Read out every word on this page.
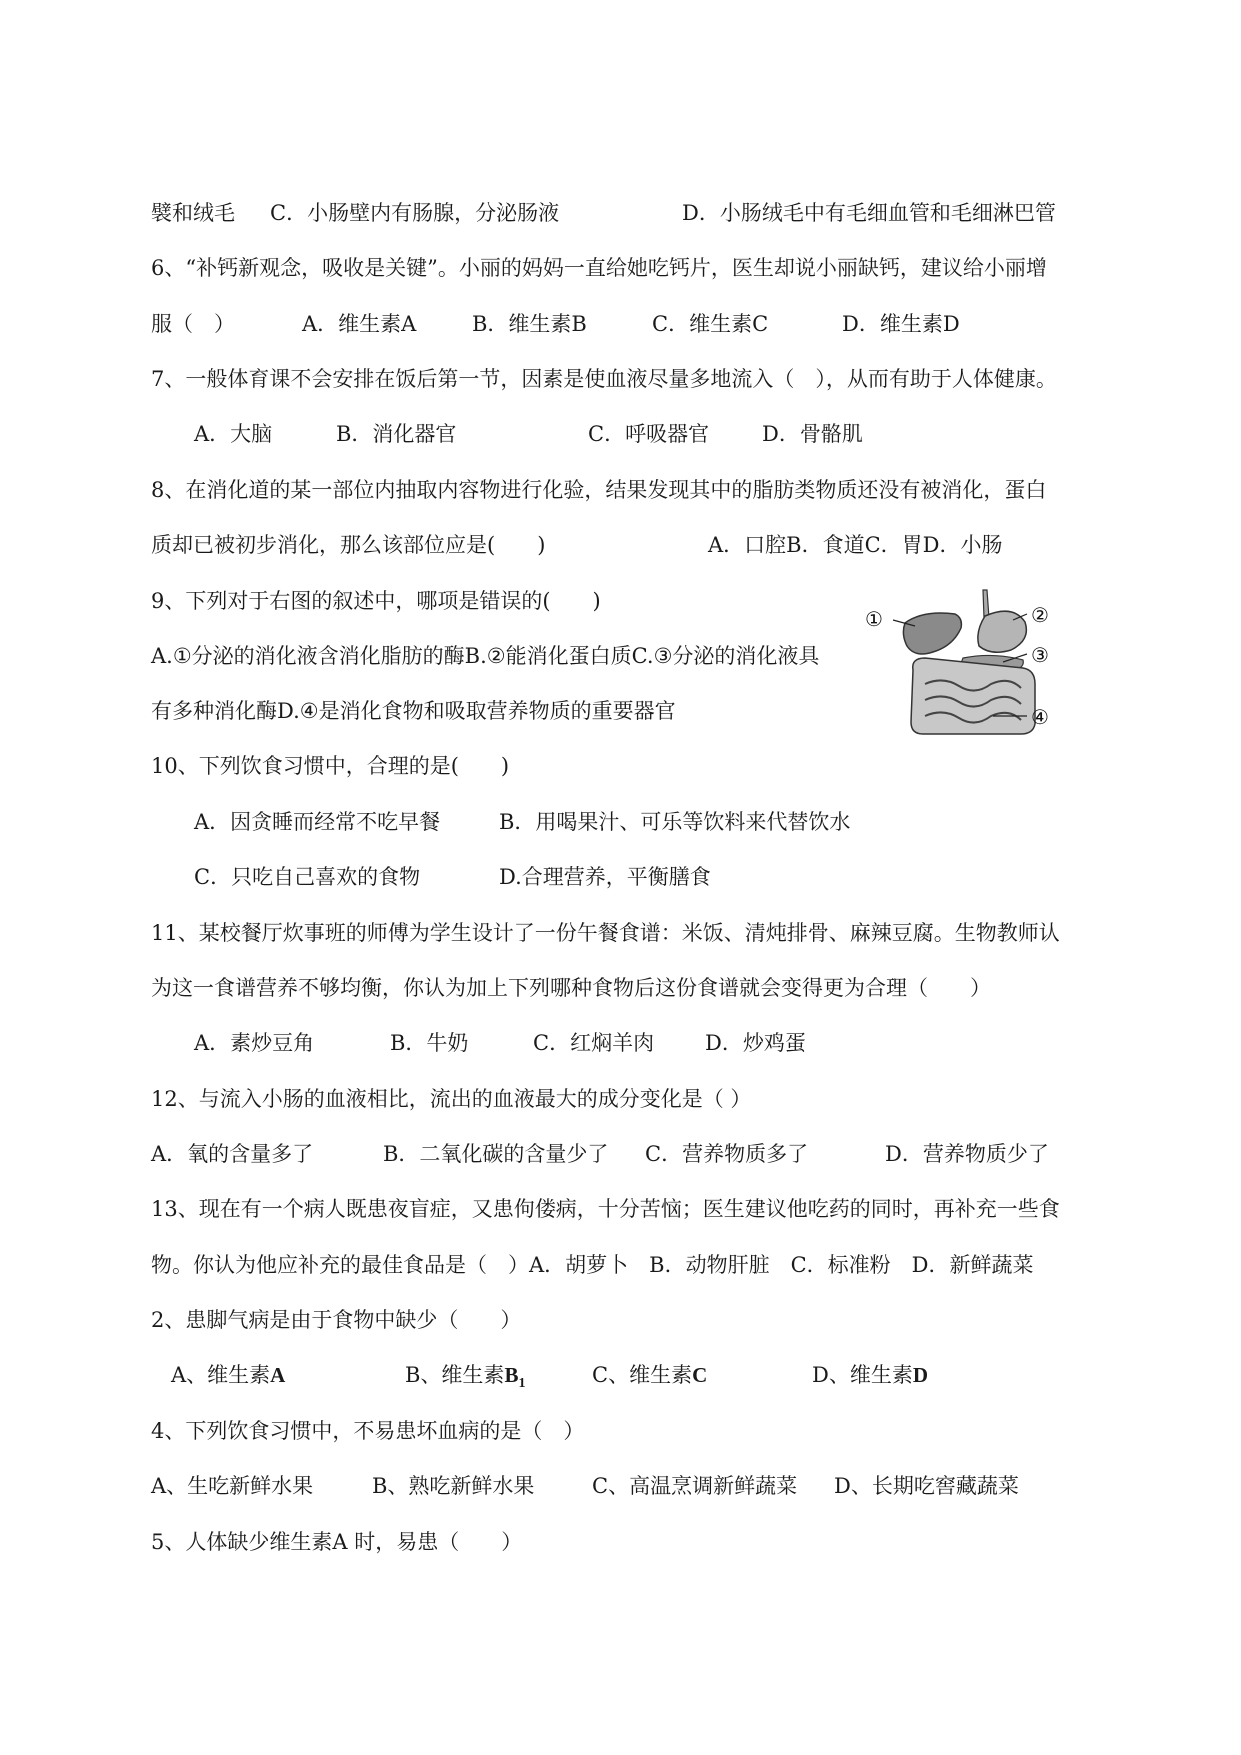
襞和绒毛 C．小肠壁内有肠腺，分泌肠液	D．小肠绒毛中有毛细血管和毛细淋巴管
6、“补钙新观念，吸收是关键”。小丽的妈妈一直给她吃钙片，医生却说小丽缺钙，建议给小丽增
服（　）	A．维生素A	B．维生素B	C．维生素C	D．维生素D
7、一般体育课不会安排在饭后第一节，因素是使血液尽量多地流入（　），从而有助于人体健康。
A．大脑	B．消化器官	C．呼吸器官	D．骨骼肌
8、在消化道的某一部位内抽取内容物进行化验，结果发现其中的脂肪类物质还没有被消化，蛋白
质却已被初步消化，那么该部位应是(　　)	A．口腔B．食道C．胃D．小肠
9、下列对于右图的叙述中，哪项是错误的(　　)
A.①分泌的消化液含消化脂肪的酶B.②能消化蛋白质C.③分泌的消化液具
有多种消化酶D.④是消化食物和吸取营养物质的重要器官
①	②
③
④
10、下列饮食习惯中，合理的是(　　)
A．因贪睡而经常不吃早餐	B．用喝果汁、可乐等饮料来代替饮水
C．只吃自己喜欢的食物	D.合理营养，平衡膳食
11、某校餐厅炊事班的师傅为学生设计了一份午餐食谱：米饭、清炖排骨、麻辣豆腐。生物教师认
为这一食谱营养不够均衡，你认为加上下列哪种食物后这份食谱就会变得更为合理（　　）
A．素炒豆角	B．牛奶	C．红焖羊肉 D．炒鸡蛋
12、与流入小肠的血液相比，流出的血液最大的成分变化是（ ）
A．氧的含量多了	B．二氧化碳的含量少了 C．营养物质多了	D．营养物质少了
13、现在有一个病人既患夜盲症，又患佝偻病，十分苦恼；医生建议他吃药的同时，再补充一些食
物。你认为他应补充的最佳食品是（　）A．胡萝卜　B．动物肝脏　C．标准粉　D．新鲜蔬菜
2、患脚气病是由于食物中缺少（　　）
A、维生素A	B、维生素$B_1$	C、维生素C	D、维生素D
4、下列饮食习惯中，不易患坏血病的是（　）
A、生吃新鲜水果	B、熟吃新鲜水果	C、高温烹调新鲜蔬菜 D、长期吃窖藏蔬菜
5、人体缺少维生素A 时，易患（　　）
